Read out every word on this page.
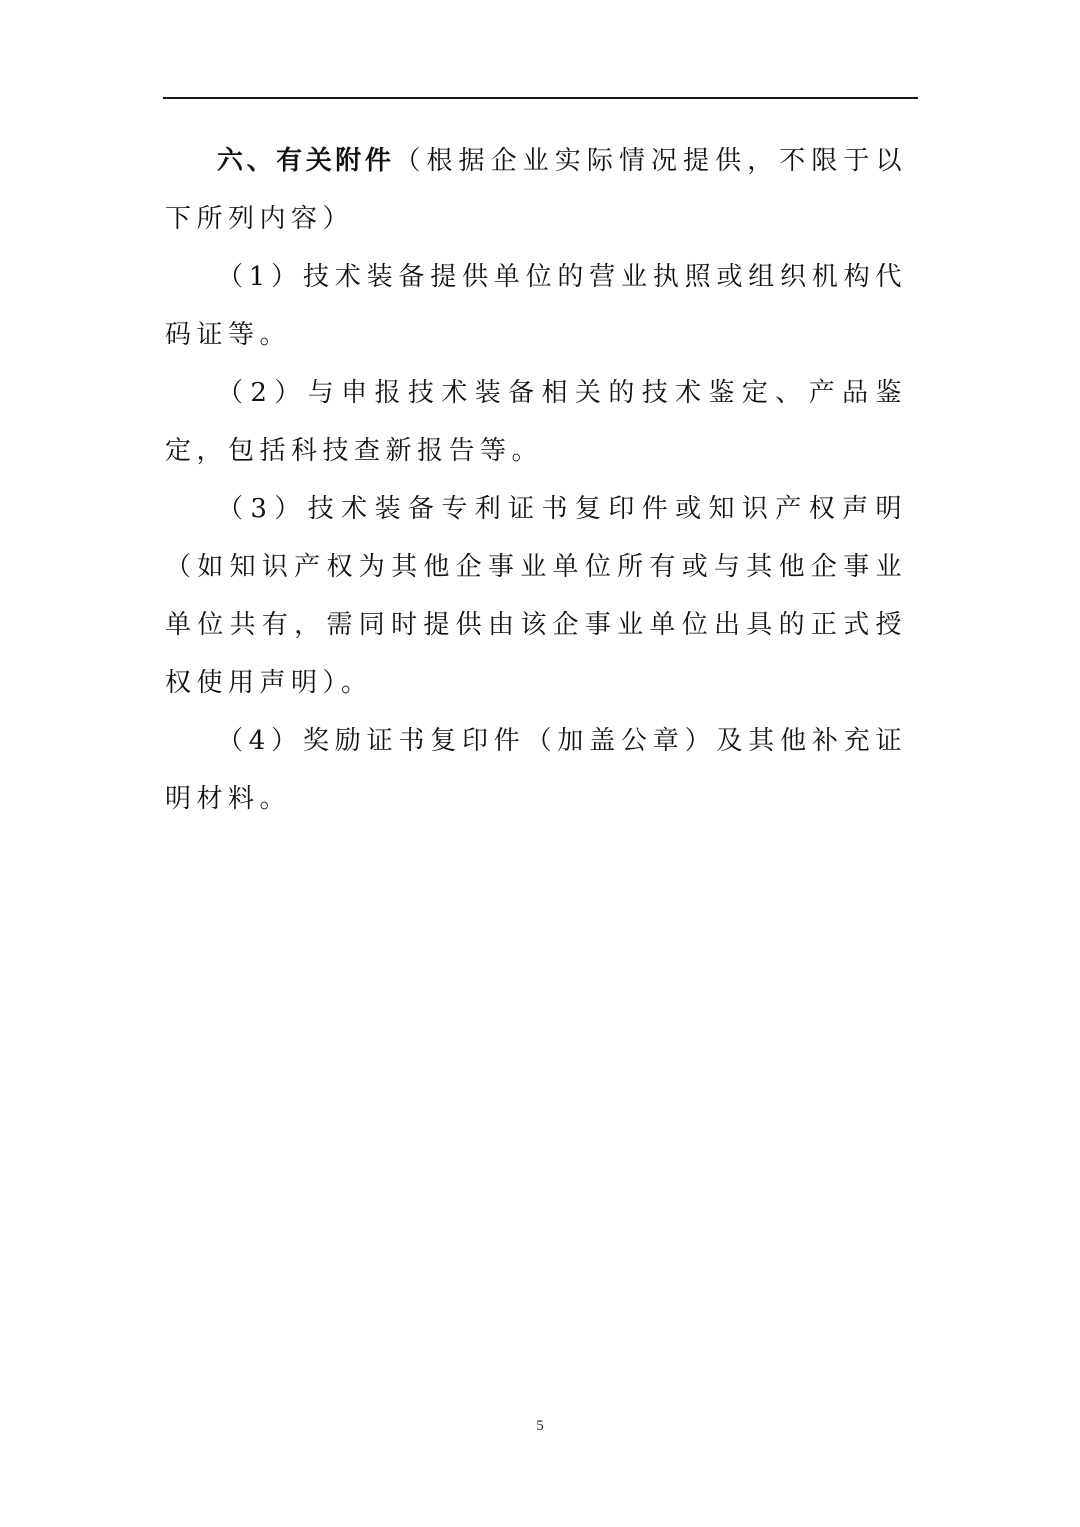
六、有关附件（根据企业实际情况提供，不限于以下所列内容）

（1）技术装备提供单位的营业执照或组织机构代码证等。

（2）与申报技术装备相关的技术鉴定、产品鉴定，包括科技查新报告等。

（3）技术装备专利证书复印件或知识产权声明（如知识产权为其他企事业单位所有或与其他企事业单位共有，需同时提供由该企事业单位出具的正式授权使用声明）。

（4）奖励证书复印件（加盖公章）及其他补充证明材料。

5
